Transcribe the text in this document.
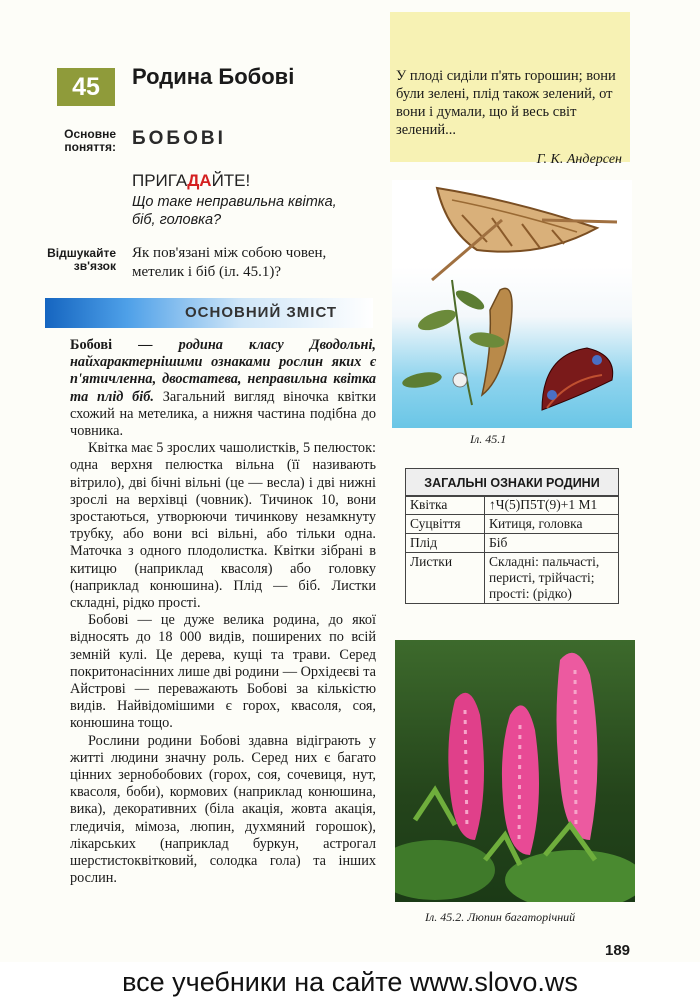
45 Родина Бобові
Основне поняття: БОБОВІ
ПРИГАДАЙТЕ!
Що таке неправильна квітка, біб, головка?
Відшукайте зв'язок
Як пов'язані між собою човен, метелик і біб (іл. 45.1)?
ОСНОВНИЙ ЗМІСТ

Бобові — родина класу Дводольні, найхарактернішими ознаками рослин яких є п'ятичленна, двостатева, неправильна квітка та плід біб. Загальний вигляд віночка квітки схожий на метелика, а нижня частина подібна до човника.

Квітка має 5 зрослих чашолистків, 5 пелюсток: одна верхня пелюстка вільна (її називають вітрило), дві бічні вільні (це — весла) і дві нижні зрослі на верхівці (човник). Тичинок 10, вони зростаються, утворюючи тичинкову незамкнуту трубку, або вони всі вільні, або тільки одна. Маточка з одного плодолистка. Квітки зібрані в китицю (наприклад квасоля) або головку (наприклад конюшина). Плід — біб. Листки складні, рідко прості.

Бобові — це дуже велика родина, до якої відносять до 18 000 видів, поширених по всій земній кулі. Це дерева, кущі та трави. Серед покритонасінних лише дві родини — Орхідеєві та Айстрові — переважають Бобові за кількістю видів. Найвідомішими є горох, квасоля, соя, конюшина тощо.

Рослини родини Бобові здавна відіграють у житті людини значну роль. Серед них є багато цінних зернобобових (горох, соя, сочевиця, нут, квасоля, боби), кормових (наприклад конюшина, вика), декоративних (біла акація, жовта акація, гледичія, мімоза, люпин, духмяний горошок), лікарських (наприклад буркун, астрогал шерстистоквітковий, солодка гола) та інших рослин.

У плоді сиділи п'ять горошин; вони були зелені, плід також зелений, от вони і думали, що й весь світ зелений...
Г. К. Андерсен
Іл. 45.1
ЗАГАЛЬНІ ОЗНАКИ РОДИНИ
Квітка	↑Ч(5)П5Т(9)+1 М1
Суцвіття	Китиця, головка
Плід	Біб
Листки	Складні: пальчасті, перисті, трійчасті; прості: (рідко)
Іл. 45.2. Люпин багаторічний
189
все учебники на сайте www.slovo.ws
